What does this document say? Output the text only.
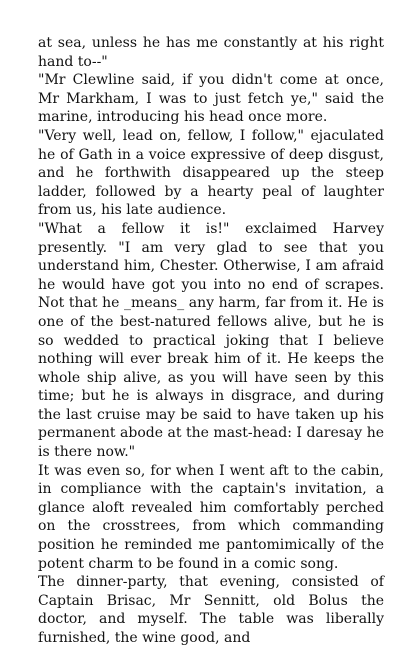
at sea, unless he has me constantly at his right hand to--"

"Mr Clewline said, if you didn't come at once, Mr Markham, I was to just fetch ye," said the marine, introducing his head once more.

"Very well, lead on, fellow, I follow," ejaculated he of Gath in a voice expressive of deep disgust, and he forthwith disappeared up the steep ladder, followed by a hearty peal of laughter from us, his late audience.

"What a fellow it is!" exclaimed Harvey presently. "I am very glad to see that you understand him, Chester. Otherwise, I am afraid he would have got you into no end of scrapes. Not that he _means_ any harm, far from it. He is one of the best-natured fellows alive, but he is so wedded to practical joking that I believe nothing will ever break him of it. He keeps the whole ship alive, as you will have seen by this time; but he is always in disgrace, and during the last cruise may be said to have taken up his permanent abode at the mast-head: I daresay he is there now."

It was even so, for when I went aft to the cabin, in compliance with the captain's invitation, a glance aloft revealed him comfortably perched on the crosstrees, from which commanding position he reminded me pantomimically of the potent charm to be found in a comic song.

The dinner-party, that evening, consisted of Captain Brisac, Mr Sennitt, old Bolus the doctor, and myself. The table was liberally furnished, the wine good, and
